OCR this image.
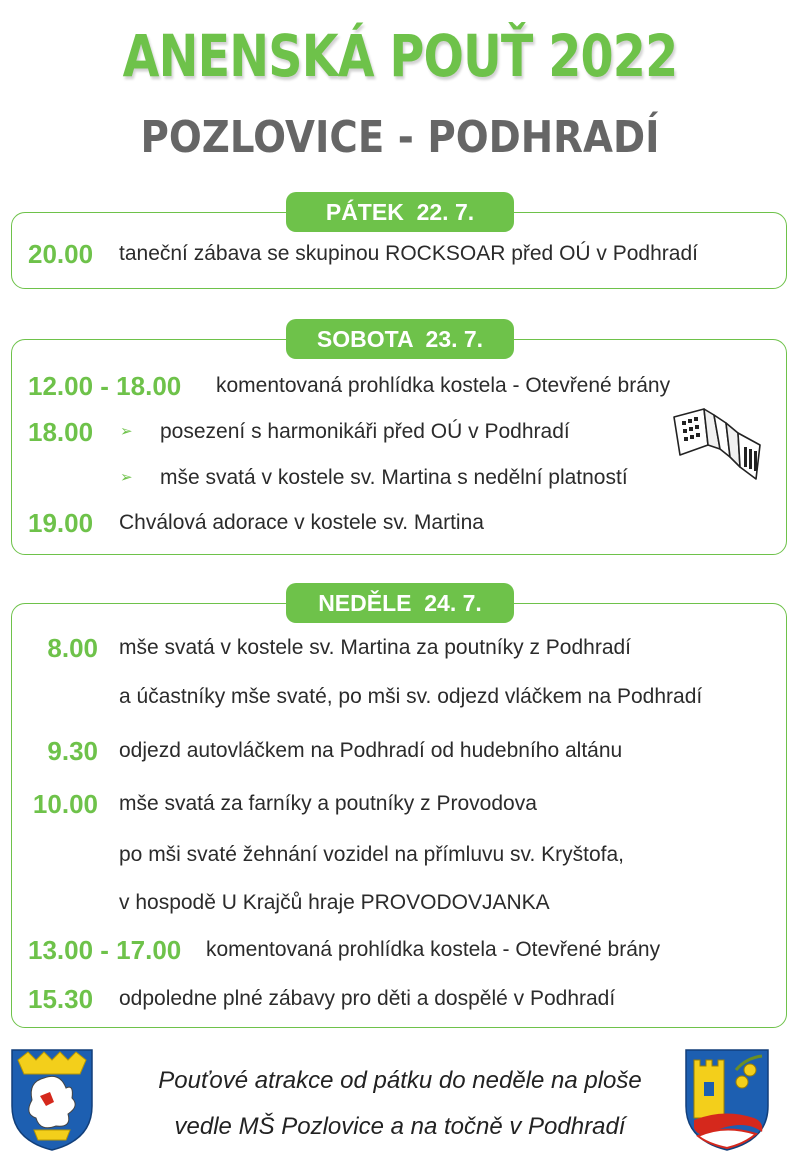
ANENSKÁ POUŤ 2022
POZLOVICE - PODHRADÍ
PÁTEK  22. 7.
20.00 taneční zábava se skupinou ROCKSOAR před OÚ v Podhradí
SOBOTA  23. 7.
12.00 - 18.00 komentovaná prohlídka kostela - Otevřené brány
18.00 ➢ posezení s harmonikáři před OÚ v Podhradí
➢ mše svatá v kostele sv. Martina s nedělní platností
19.00 Chválová adorace v kostele sv. Martina
NEDĚLE  24. 7.
8.00 mše svatá v kostele sv. Martina za poutníky z Podhradí
a účastníky mše svaté, po mši sv. odjezd vláčkem na Podhradí
9.30 odjezd autovláčkem na Podhradí od hudebního altánu
10.00 mše svatá za farníky a poutníky z Provodova
po mši svaté žehnání vozidel na přímluvu sv. Kryštofa,
v hospodě U Krajčů hraje PROVODOVJANKA
13.00 - 17.00 komentovaná prohlídka kostela - Otevřené brány
15.30 odpoledne plné zábavy pro děti a dospělé v Podhradí
Pouťové atrakce od pátku do neděle na ploše
vedle MŠ Pozlovice a na točně v Podhradí
